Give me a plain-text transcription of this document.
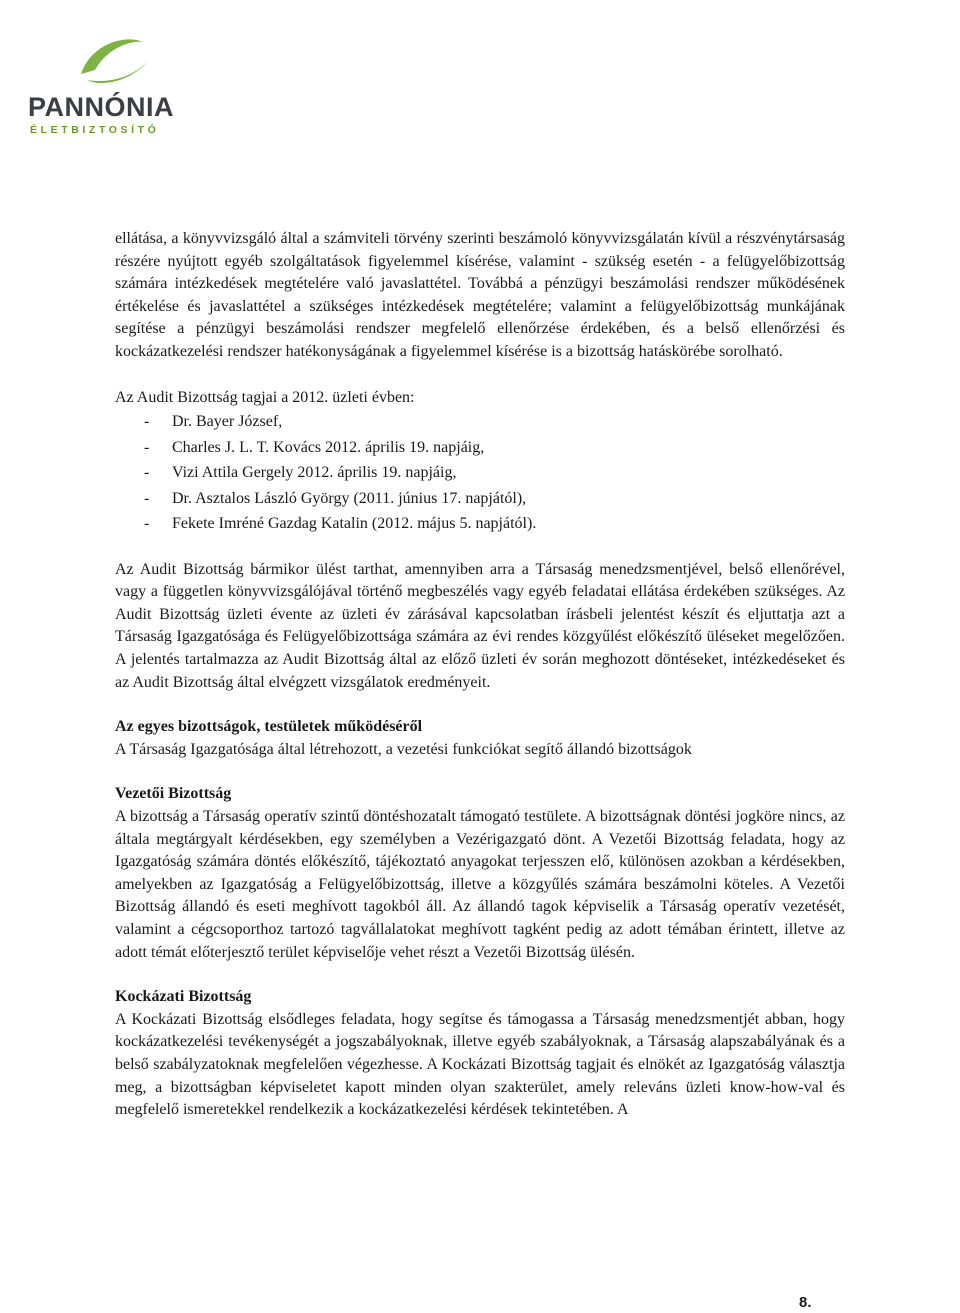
PANNÓNIA
ÉLETBIZTOSÍTÓ

ellátása, a könyvvizsgáló által a számviteli törvény szerinti beszámoló könyvvizsgálatán kívül a részvénytársaság részére nyújtott egyéb szolgáltatások figyelemmel kísérése, valamint - szükség esetén - a felügyelőbizottság számára intézkedések megtételére való javaslattétel. Továbbá a pénzügyi beszámolási rendszer működésének értékelése és javaslattétel a szükséges intézkedések megtételére; valamint a felügyelőbizottság munkájának segítése a pénzügyi beszámolási rendszer megfelelő ellenőrzése érdekében, és a belső ellenőrzési és kockázatkezelési rendszer hatékonyságának a figyelemmel kísérése is a bizottság hatáskörébe sorolható.

Az Audit Bizottság tagjai a 2012. üzleti évben:

- Dr. Bayer József,
- Charles J. L. T. Kovács 2012. április 19. napjáig,
- Vizi Attila Gergely 2012. április 19. napjáig,
- Dr. Asztalos László György (2011. június 17. napjától),
- Fekete Imréné Gazdag Katalin (2012. május 5. napjától).

Az Audit Bizottság bármikor ülést tarthat, amennyiben arra a Társaság menedzsmentjével, belső ellenőrével, vagy a független könyvvizsgálójával történő megbeszélés vagy egyéb feladatai ellátása érdekében szükséges. Az Audit Bizottság üzleti évente az üzleti év zárásával kapcsolatban írásbeli jelentést készít és eljuttatja azt a Társaság Igazgatósága és Felügyelőbizottsága számára az évi rendes közgyűlést előkészítő üléseket megelőzően. A jelentés tartalmazza az Audit Bizottság által az előző üzleti év során meghozott döntéseket, intézkedéseket és az Audit Bizottság által elvégzett vizsgálatok eredményeit.

Az egyes bizottságok, testületek működéséről

A Társaság Igazgatósága által létrehozott, a vezetési funkciókat segítő állandó bizottságok

Vezetői Bizottság

A bizottság a Társaság operatív szintű döntéshozatalt támogató testülete. A bizottságnak döntési jogköre nincs, az általa megtárgyalt kérdésekben, egy személyben a Vezérigazgató dönt. A Vezetői Bizottság feladata, hogy az Igazgatóság számára döntés előkészítő, tájékoztató anyagokat terjesszen elő, különösen azokban a kérdésekben, amelyekben az Igazgatóság a Felügyelőbizottság, illetve a közgyűlés számára beszámolni köteles. A Vezetői Bizottság állandó és eseti meghívott tagokból áll. Az állandó tagok képviselik a Társaság operatív vezetését, valamint a cégcsoporthoz tartozó tagvállalatokat meghívott tagként pedig az adott témában érintett, illetve az adott témát előterjesztő terület képviselője vehet részt a Vezetői Bizottság ülésén.

Kockázati Bizottság

A Kockázati Bizottság elsődleges feladata, hogy segítse és támogassa a Társaság menedzsmentjét abban, hogy kockázatkezelési tevékenységét a jogszabályoknak, illetve egyéb szabályoknak, a Társaság alapszabályának és a belső szabályzatoknak megfelelően végezhesse. A Kockázati Bizottság tagjait és elnökét az Igazgatóság választja meg, a bizottságban képviseletet kapott minden olyan szakterület, amely releváns üzleti know-how-val és megfelelő ismeretekkel rendelkezik a kockázatkezelési kérdések tekintetében. A

8.
